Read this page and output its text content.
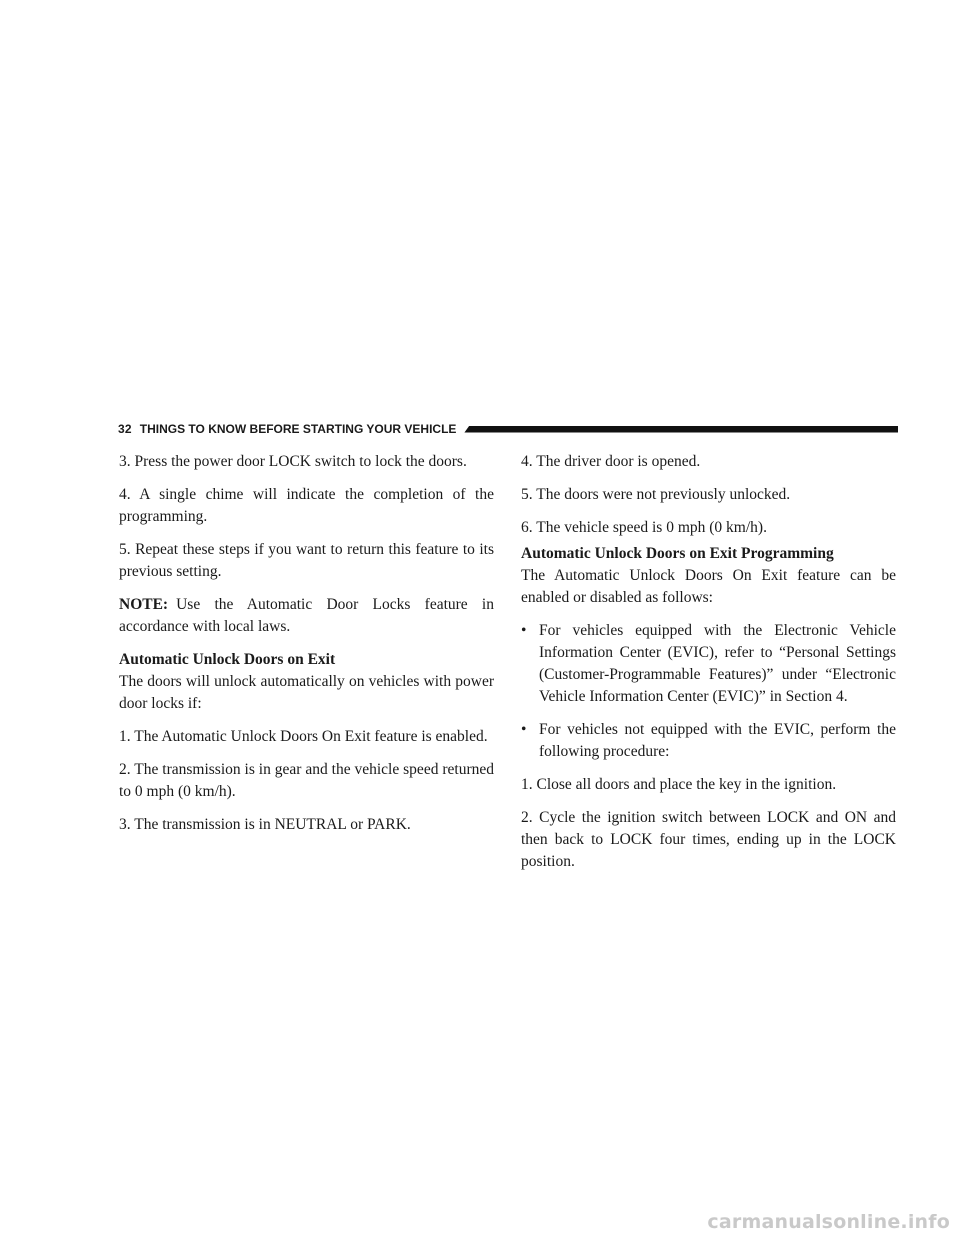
32 THINGS TO KNOW BEFORE STARTING YOUR VEHICLE

3. Press the power door LOCK switch to lock the doors.

4. A single chime will indicate the completion of the programming.

5. Repeat these steps if you want to return this feature to its previous setting.

NOTE: Use the Automatic Door Locks feature in accordance with local laws.

Automatic Unlock Doors on Exit

The doors will unlock automatically on vehicles with power door locks if:

1. The Automatic Unlock Doors On Exit feature is enabled.

2. The transmission is in gear and the vehicle speed returned to 0 mph (0 km/h).

3. The transmission is in NEUTRAL or PARK.

4. The driver door is opened.

5. The doors were not previously unlocked.

6. The vehicle speed is 0 mph (0 km/h).

Automatic Unlock Doors on Exit Programming

The Automatic Unlock Doors On Exit feature can be enabled or disabled as follows:

• For vehicles equipped with the Electronic Vehicle Information Center (EVIC), refer to “Personal Settings (Customer-Programmable Features)” under “Electronic Vehicle Information Center (EVIC)” in Section 4.
• For vehicles not equipped with the EVIC, perform the following procedure:

1. Close all doors and place the key in the ignition.

2. Cycle the ignition switch between LOCK and ON and then back to LOCK four times, ending up in the LOCK position.

carmanualsonline.info
